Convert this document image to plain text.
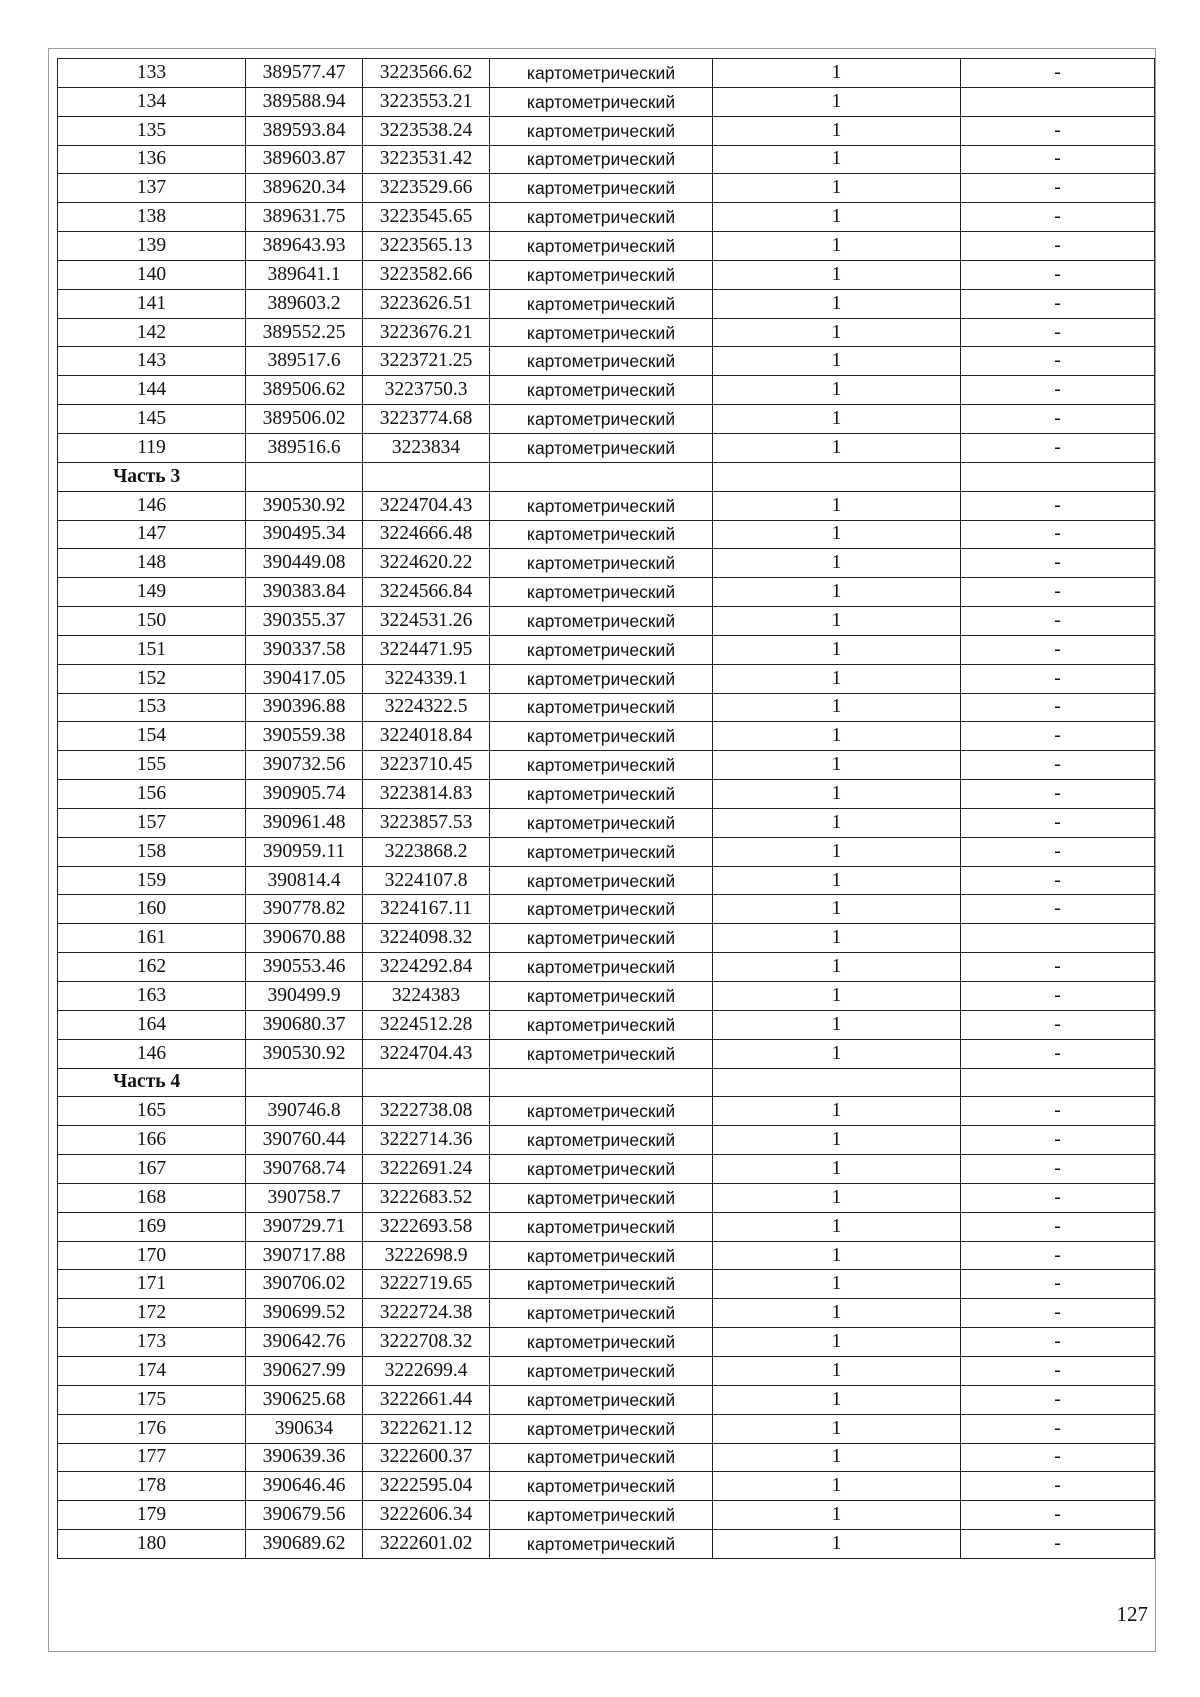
133	389577.47	3223566.62	картометрический	1	-
134	389588.94	3223553.21	картометрический	1	
135	389593.84	3223538.24	картометрический	1	-
136	389603.87	3223531.42	картометрический	1	-
137	389620.34	3223529.66	картометрический	1	-
138	389631.75	3223545.65	картометрический	1	-
139	389643.93	3223565.13	картометрический	1	-
140	389641.1	3223582.66	картометрический	1	-
141	389603.2	3223626.51	картометрический	1	-
142	389552.25	3223676.21	картометрический	1	-
143	389517.6	3223721.25	картометрический	1	-
144	389506.62	3223750.3	картометрический	1	-
145	389506.02	3223774.68	картометрический	1	-
119	389516.6	3223834	картометрический	1	-
Часть 3					
146	390530.92	3224704.43	картометрический	1	-
147	390495.34	3224666.48	картометрический	1	-
148	390449.08	3224620.22	картометрический	1	-
149	390383.84	3224566.84	картометрический	1	-
150	390355.37	3224531.26	картометрический	1	-
151	390337.58	3224471.95	картометрический	1	-
152	390417.05	3224339.1	картометрический	1	-
153	390396.88	3224322.5	картометрический	1	-
154	390559.38	3224018.84	картометрический	1	-
155	390732.56	3223710.45	картометрический	1	-
156	390905.74	3223814.83	картометрический	1	-
157	390961.48	3223857.53	картометрический	1	-
158	390959.11	3223868.2	картометрический	1	-
159	390814.4	3224107.8	картометрический	1	-
160	390778.82	3224167.11	картометрический	1	-
161	390670.88	3224098.32	картометрический	1	
162	390553.46	3224292.84	картометрический	1	-
163	390499.9	3224383	картометрический	1	-
164	390680.37	3224512.28	картометрический	1	-
146	390530.92	3224704.43	картометрический	1	-
Часть 4					
165	390746.8	3222738.08	картометрический	1	-
166	390760.44	3222714.36	картометрический	1	-
167	390768.74	3222691.24	картометрический	1	-
168	390758.7	3222683.52	картометрический	1	-
169	390729.71	3222693.58	картометрический	1	-
170	390717.88	3222698.9	картометрический	1	-
171	390706.02	3222719.65	картометрический	1	-
172	390699.52	3222724.38	картометрический	1	-
173	390642.76	3222708.32	картометрический	1	-
174	390627.99	3222699.4	картометрический	1	-
175	390625.68	3222661.44	картометрический	1	-
176	390634	3222621.12	картометрический	1	-
177	390639.36	3222600.37	картометрический	1	-
178	390646.46	3222595.04	картометрический	1	-
179	390679.56	3222606.34	картометрический	1	-
180	390689.62	3222601.02	картометрический	1	-
127
